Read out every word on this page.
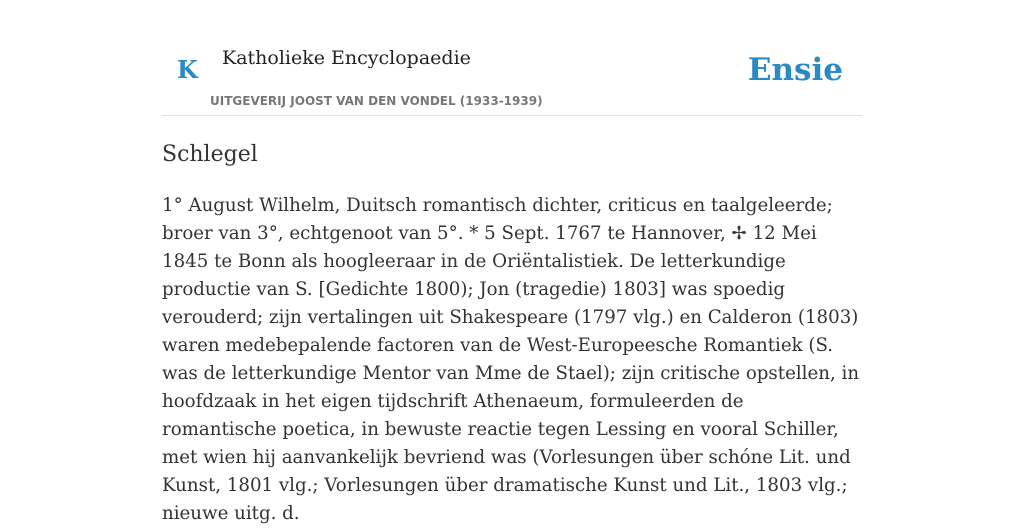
K Katholieke Encyclopaedie	Ensie
UITGEVERIJ JOOST VAN DEN VONDEL (1933-1939)
Schlegel

1° August Wilhelm, Duitsch romantisch dichter, criticus en taalgeleerde; broer van 3°, echtgenoot van 5°. * 5 Sept. 1767 te Hannover, ✢ 12 Mei 1845 te Bonn als hoogleeraar in de Oriëntalistiek. De letterkundige productie van S. [Gedichte 1800); Jon (tragedie) 1803] was spoedig verouderd; zijn vertalingen uit Shakespeare (1797 vlg.) en Calderon (1803) waren medebepalende factoren van de West-Europeesche Romantiek (S. was de letterkundige Mentor van Mme de Stael); zijn critische opstellen, in hoofdzaak in het eigen tijdschrift Athenaeum, formuleerden de romantische poetica, in bewuste reactie tegen Lessing en vooral Schiller, met wien hij aanvankelijk bevriend was (Vorlesungen über schóne Lit. und Kunst, 1801 vlg.; Vorlesungen über dramatische Kunst und Lit., 1803 vlg.; nieuwe uitg. d.
